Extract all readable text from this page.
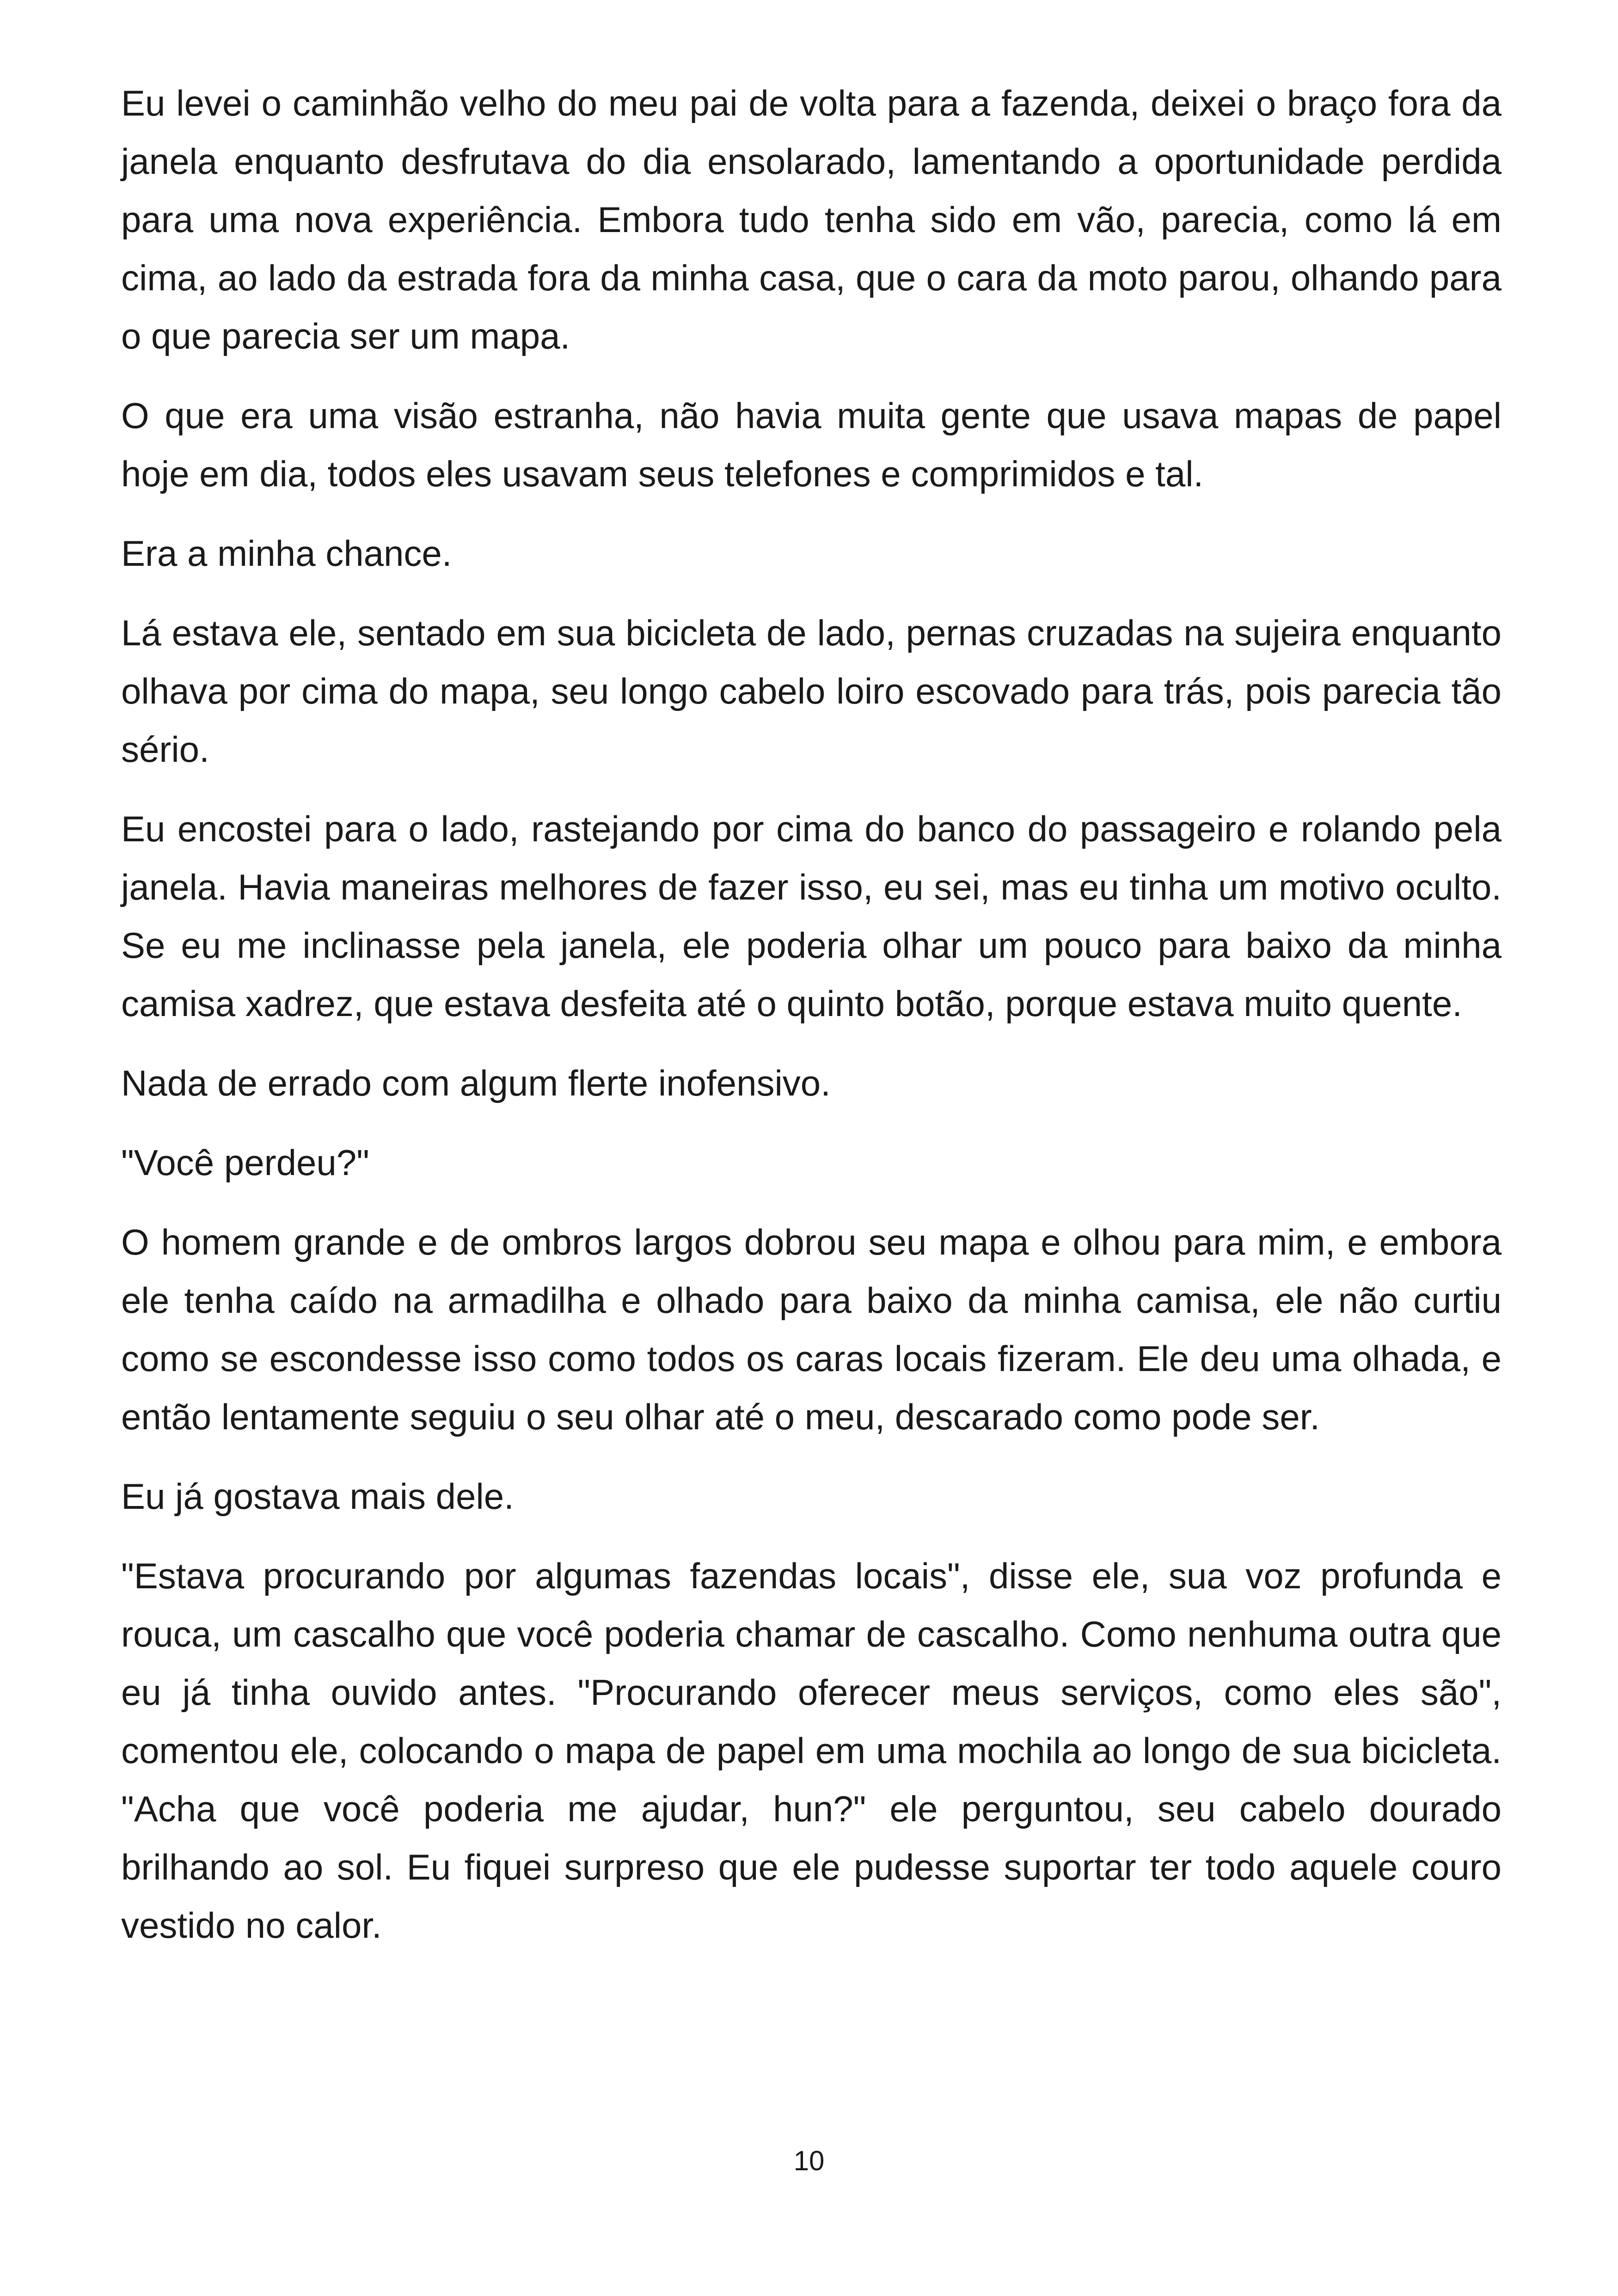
Eu levei o caminhão velho do meu pai de volta para a fazenda, deixei o braço fora da janela enquanto desfrutava do dia ensolarado, lamentando a oportunidade perdida para uma nova experiência. Embora tudo tenha sido em vão, parecia, como lá em cima, ao lado da estrada fora da minha casa, que o cara da moto parou, olhando para o que parecia ser um mapa.

O que era uma visão estranha, não havia muita gente que usava mapas de papel hoje em dia, todos eles usavam seus telefones e comprimidos e tal.

Era a minha chance.

Lá estava ele, sentado em sua bicicleta de lado, pernas cruzadas na sujeira enquanto olhava por cima do mapa, seu longo cabelo loiro escovado para trás, pois parecia tão sério.

Eu encostei para o lado, rastejando por cima do banco do passageiro e rolando pela janela. Havia maneiras melhores de fazer isso, eu sei, mas eu tinha um motivo oculto. Se eu me inclinasse pela janela, ele poderia olhar um pouco para baixo da minha camisa xadrez, que estava desfeita até o quinto botão, porque estava muito quente.

Nada de errado com algum flerte inofensivo.

"Você perdeu?"

O homem grande e de ombros largos dobrou seu mapa e olhou para mim, e embora ele tenha caído na armadilha e olhado para baixo da minha camisa, ele não curtiu como se escondesse isso como todos os caras locais fizeram. Ele deu uma olhada, e então lentamente seguiu o seu olhar até o meu, descarado como pode ser.

Eu já gostava mais dele.

"Estava procurando por algumas fazendas locais", disse ele, sua voz profunda e rouca, um cascalho que você poderia chamar de cascalho. Como nenhuma outra que eu já tinha ouvido antes. "Procurando oferecer meus serviços, como eles são", comentou ele, colocando o mapa de papel em uma mochila ao longo de sua bicicleta. "Acha que você poderia me ajudar, hun?" ele perguntou, seu cabelo dourado brilhando ao sol. Eu fiquei surpreso que ele pudesse suportar ter todo aquele couro vestido no calor.

10
